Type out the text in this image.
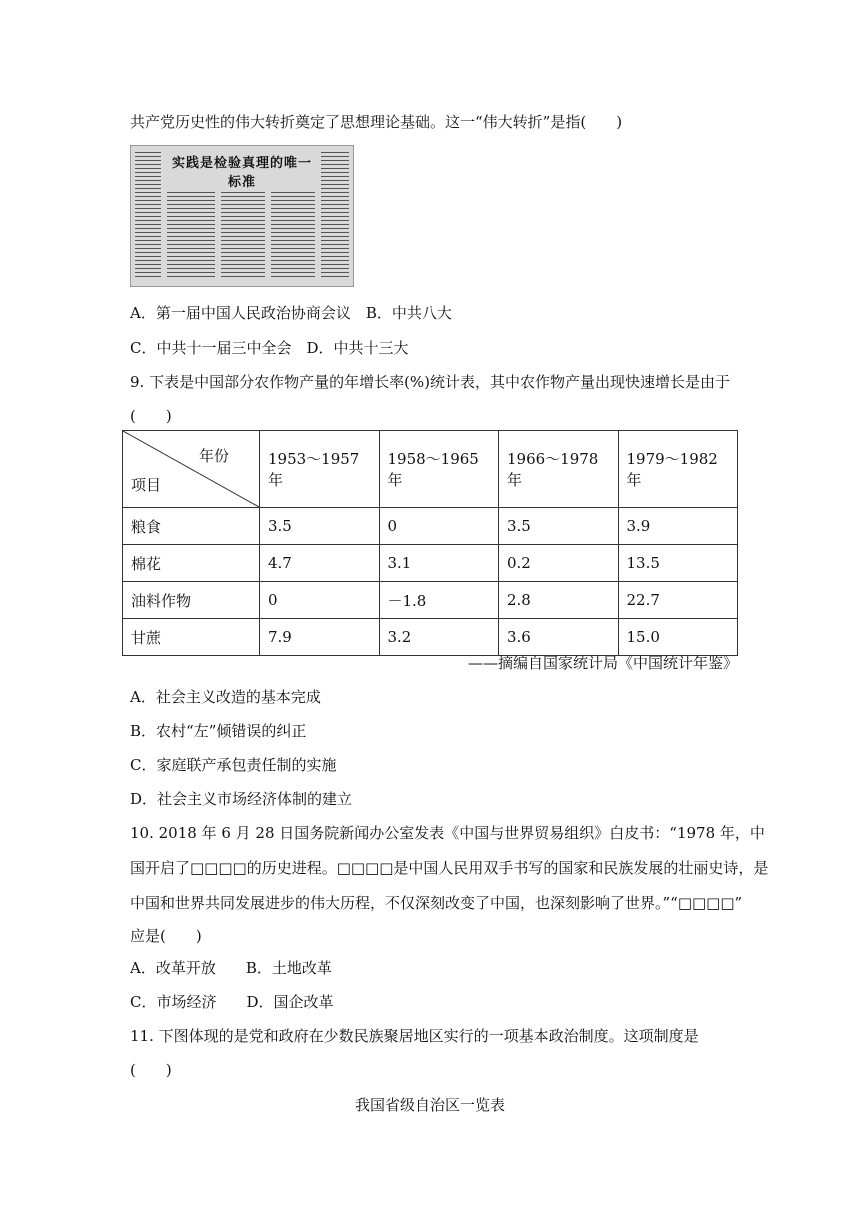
共产党历史性的伟大转折奠定了思想理论基础。这一“伟大转折”是指(　　)
实践是检验真理的唯一标准
A．第一届中国人民政治协商会议　B．中共八大
C．中共十一届三中全会　D．中共十三大
9. 下表是中国部分农作物产量的年增长率(%)统计表，其中农作物产量出现快速增长是由于
(　　)
年份
项目	1953～1957 年	1958～1965 年	1966～1978 年	1979～1982 年
粮食	3.5	0	3.5	3.9
棉花	4.7	3.1	0.2	13.5
油料作物	0	－1.8	2.8	22.7
甘蔗	7.9	3.2	3.6	15.0
——摘编自国家统计局《中国统计年鉴》
A．社会主义改造的基本完成
B．农村“左”倾错误的纠正
C．家庭联产承包责任制的实施
D．社会主义市场经济体制的建立
10. 2018 年 6 月 28 日国务院新闻办公室发表《中国与世界贸易组织》白皮书：“1978 年，中
国开启了□□□□的历史进程。□□□□是中国人民用双手书写的国家和民族发展的壮丽史诗，是
中国和世界共同发展进步的伟大历程，不仅深刻改变了中国，也深刻影响了世界。”“□□□□”
应是(　　)
A．改革开放　　B．土地改革
C．市场经济　　D．国企改革
11. 下图体现的是党和政府在少数民族聚居地区实行的一项基本政治制度。这项制度是
(　　)
我国省级自治区一览表
